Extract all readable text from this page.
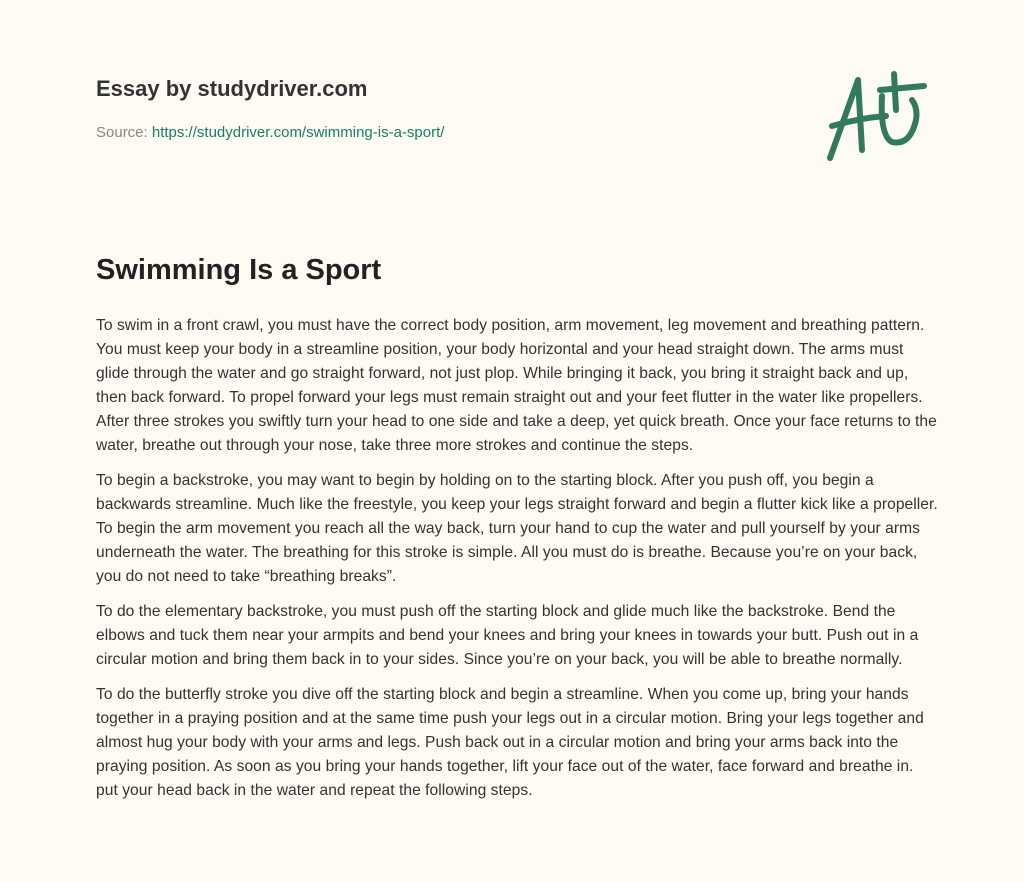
Essay by studydriver.com

Source: https://studydriver.com/swimming-is-a-sport/
Swimming Is a Sport

To swim in a front crawl, you must have the correct body position, arm movement, leg movement and breathing pattern. You must keep your body in a streamline position, your body horizontal and your head straight down. The arms must glide through the water and go straight forward, not just plop. While bringing it back, you bring it straight back and up, then back forward. To propel forward your legs must remain straight out and your feet flutter in the water like propellers. After three strokes you swiftly turn your head to one side and take a deep, yet quick breath. Once your face returns to the water, breathe out through your nose, take three more strokes and continue the steps.

To begin a backstroke, you may want to begin by holding on to the starting block. After you push off, you begin a backwards streamline. Much like the freestyle, you keep your legs straight forward and begin a flutter kick like a propeller. To begin the arm movement you reach all the way back, turn your hand to cup the water and pull yourself by your arms underneath the water. The breathing for this stroke is simple. All you must do is breathe. Because you’re on your back, you do not need to take “breathing breaks”.

To do the elementary backstroke, you must push off the starting block and glide much like the backstroke. Bend the elbows and tuck them near your armpits and bend your knees and bring your knees in towards your butt. Push out in a circular motion and bring them back in to your sides. Since you’re on your back, you will be able to breathe normally.

To do the butterfly stroke you dive off the starting block and begin a streamline. When you come up, bring your hands together in a praying position and at the same time push your legs out in a circular motion. Bring your legs together and almost hug your body with your arms and legs. Push back out in a circular motion and bring your arms back into the praying position. As soon as you bring your hands together, lift your face out of the water, face forward and breathe in. put your head back in the water and repeat the following steps.
